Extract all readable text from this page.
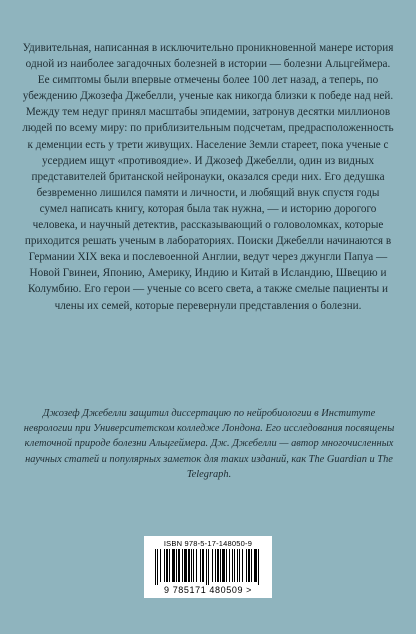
Удивительная, написанная в исключительно проникновенной манере история одной из наиболее загадочных болезней в истории — болезни Альцгеймера. Ее симптомы были впервые отмечены более 100 лет назад, а теперь, по убеждению Джозефа Джебелли, ученые как никогда близки к победе над ней.

Между тем недуг принял масштабы эпидемии, затронув десятки миллионов людей по всему миру: по приблизительным подсчетам, предрасположенность к деменции есть у трети живущих. Население Земли стареет, пока ученые с усердием ищут «противоядие». И Джозеф Джебелли, один из видных представителей британской нейронауки, оказался среди них. Его дедушка безвременно лишился памяти и личности, и любящий внук спустя годы сумел написать книгу, которая была так нужна, — и историю дорогого человека, и научный детектив, рассказывающий о головоломках, которые приходится решать ученым в лабораториях. Поиски Джебелли начинаются в Германии XIX века и послевоенной Англии, ведут через джунгли Папуа — Новой Гвинеи, Японию, Америку, Индию и Китай в Исландию, Швецию и Колумбию. Его герои — ученые со всего света, а также смелые пациенты и члены их семей, которые перевернули представления о болезни.

Джозеф Джебелли защитил диссертацию по нейробиологии в Институте неврологии при Университетском колледже Лондона. Его исследования посвящены клеточной природе болезни Альцгеймера. Дж. Джебелли — автор многочисленных научных статей и популярных заметок для таких изданий, как The Guardian и The Telegraph.
ISBN 978-5-17-148050-9
9 785171 480509 >
